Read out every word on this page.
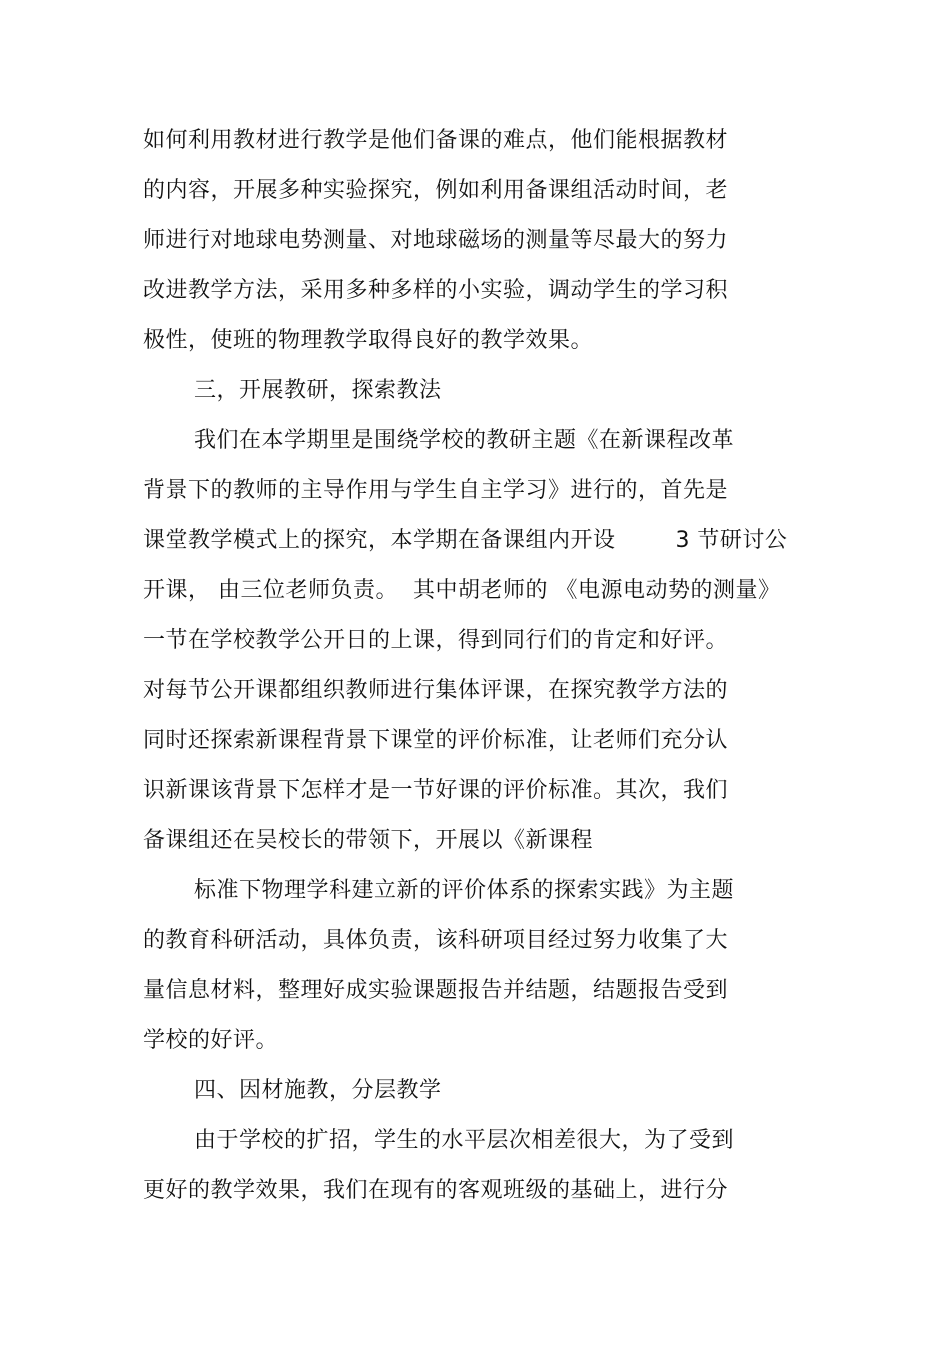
如何利用教材进行教学是他们备课的难点，他们能根据教材
的内容，开展多种实验探究，例如利用备课组活动时间，老
师进行对地球电势测量、对地球磁场的测量等尽最大的努力
改进教学方法，采用多种多样的小实验，调动学生的学习积
极性，使班的物理教学取得良好的教学效果。
三，开展教研，探索教法
我们在本学期里是围绕学校的教研主题《在新课程改革
背景下的教师的主导作用与学生自主学习》进行的，首先是
课堂教学模式上的探究，本学期在备课组内开设        3 节研讨公
开课， 由三位老师负责。  其中胡老师的 《电源电动势的测量》
一节在学校教学公开日的上课，得到同行们的肯定和好评。
对每节公开课都组织教师进行集体评课，在探究教学方法的
同时还探索新课程背景下课堂的评价标准，让老师们充分认
识新课该背景下怎样才是一节好课的评价标准。其次，我们
备课组还在吴校长的带领下，开展以《新课程
标准下物理学科建立新的评价体系的探索实践》为主题
的教育科研活动，具体负责，该科研项目经过努力收集了大
量信息材料，整理好成实验课题报告并结题，结题报告受到
学校的好评。
四、因材施教，分层教学
由于学校的扩招，学生的水平层次相差很大，为了受到
更好的教学效果，我们在现有的客观班级的基础上，进行分
